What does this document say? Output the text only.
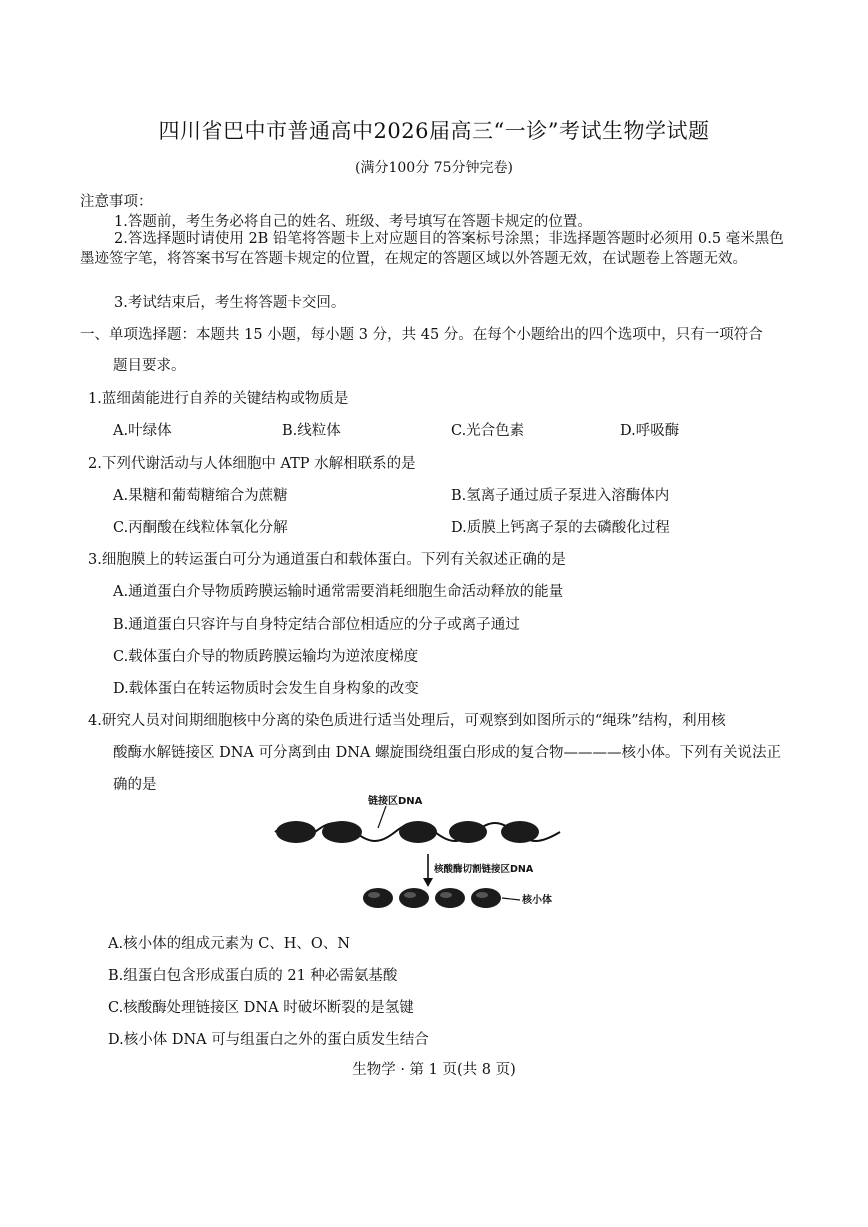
四川省巴中市普通高中2026届高三“一诊”考试生物学试题
(满分100分 75分钟完卷)
注意事项：
1.答题前，考生务必将自己的姓名、班级、考号填写在答题卡规定的位置。
2.答选择题时请使用 2B 铅笔将答题卡上对应题目的答案标号涂黑；非选择题答题时必须用 0.5 毫米黑色墨迹签字笔，将答案书写在答题卡规定的位置，在规定的答题区域以外答题无效，在试题卷上答题无效。
3.考试结束后，考生将答题卡交回。
一、单项选择题：本题共 15 小题，每小题 3 分，共 45 分。在每个小题给出的四个选项中，只有一项符合
题目要求。
1.蓝细菌能进行自养的关键结构或物质是
A.叶绿体	B.线粒体	C.光合色素	D.呼吸酶
2.下列代谢活动与人体细胞中 ATP 水解相联系的是
A.果糖和葡萄糖缩合为蔗糖	B.氢离子通过质子泵进入溶酶体内
C.丙酮酸在线粒体氧化分解	D.质膜上钙离子泵的去磷酸化过程
3.细胞膜上的转运蛋白可分为通道蛋白和载体蛋白。下列有关叙述正确的是
A.通道蛋白介导物质跨膜运输时通常需要消耗细胞生命活动释放的能量
B.通道蛋白只容许与自身特定结合部位相适应的分子或离子通过
C.载体蛋白介导的物质跨膜运输均为逆浓度梯度
D.载体蛋白在转运物质时会发生自身构象的改变
4.研究人员对间期细胞核中分离的染色质进行适当处理后，可观察到如图所示的“绳珠”结构，利用核
酸酶水解链接区 DNA 可分离到由 DNA 螺旋围绕组蛋白形成的复合物————核小体。下列有关说法正
确的是
链接区DNA
核酸酶切割链接区DNA
核小体
A.核小体的组成元素为 C、H、O、N
B.组蛋白包含形成蛋白质的 21 种必需氨基酸
C.核酸酶处理链接区 DNA 时破坏断裂的是氢键
D.核小体 DNA 可与组蛋白之外的蛋白质发生结合
生物学 · 第 1 页(共 8 页)
